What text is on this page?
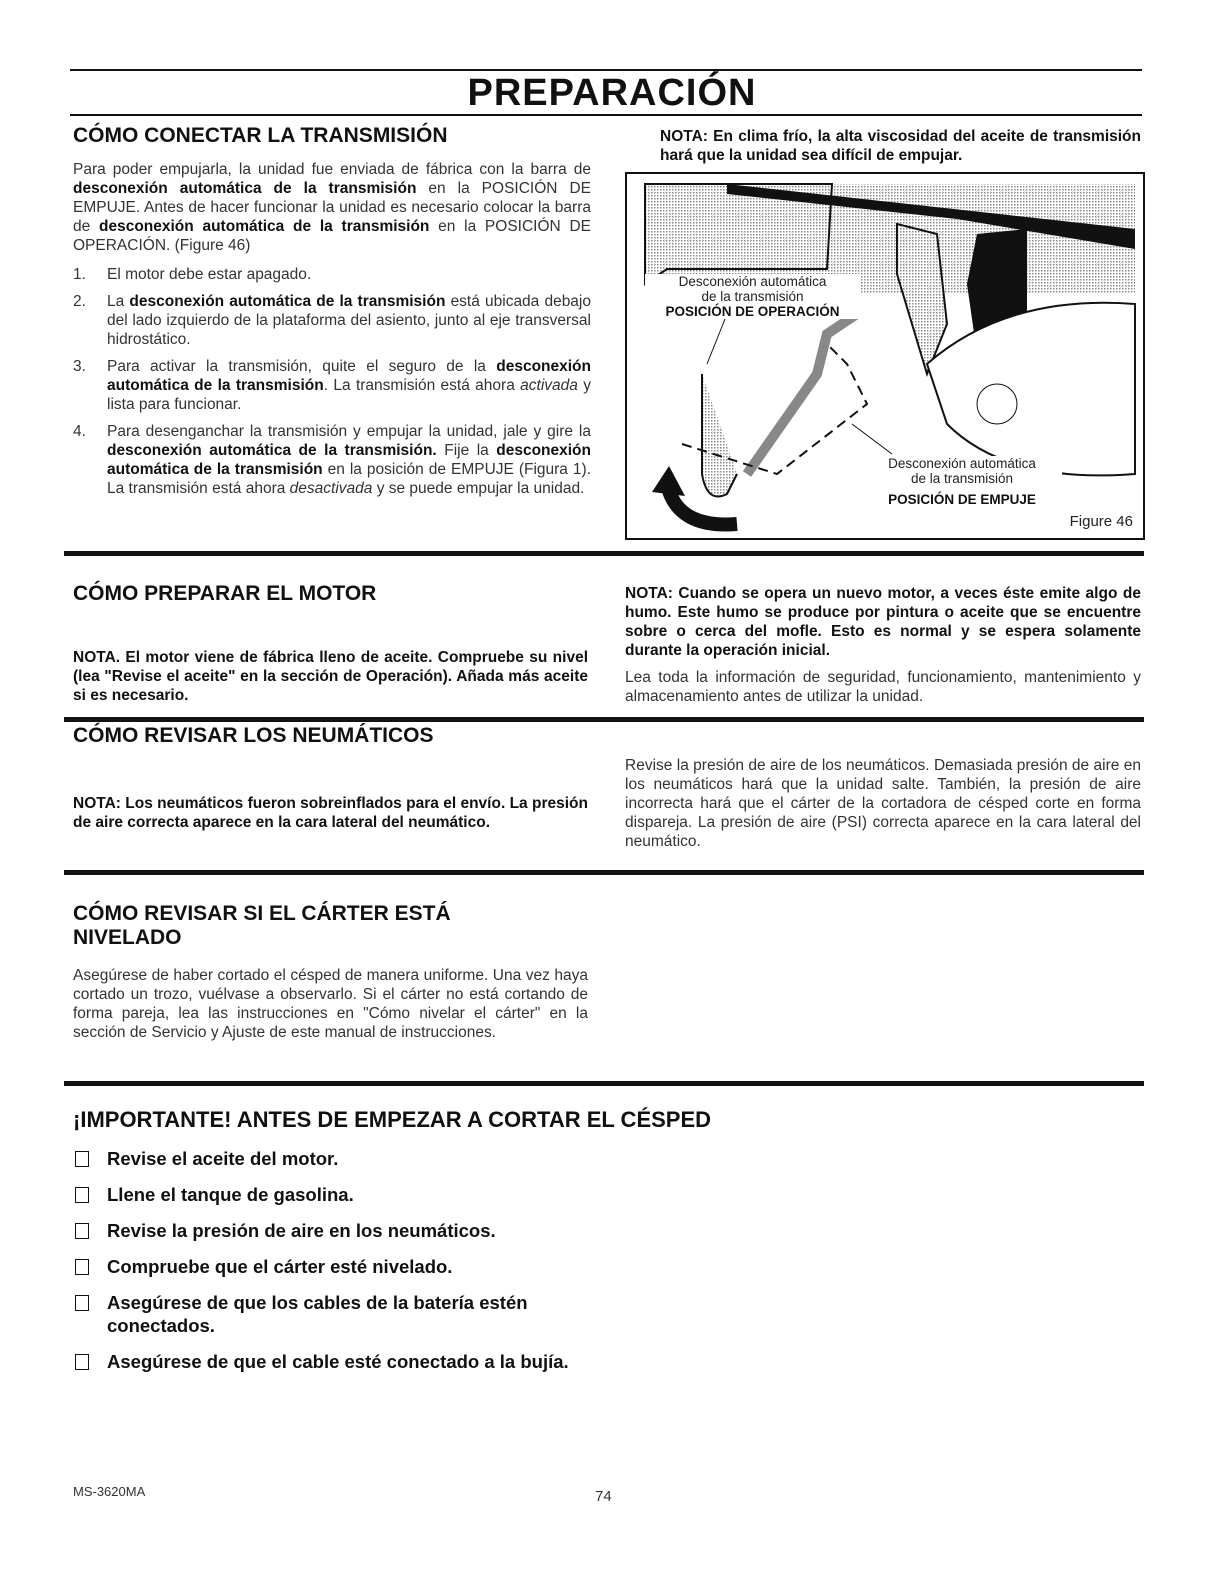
PREPARACIÓN
CÓMO CONECTAR LA TRANSMISIÓN

Para poder empujarla, la unidad fue enviada de fábrica con la barra de desconexión automática de la transmisión en la POSICIÓN DE EMPUJE. Antes de hacer funcionar la unidad es necesario colocar la barra de desconexión automática de la transmisión en la POSICIÓN DE OPERACIÓN. (Figure 46)

1. El motor debe estar apagado.
2. La desconexión automática de la transmisión está ubicada debajo del lado izquierdo de la plataforma del asiento, junto al eje transversal hidrostático.
3. Para activar la transmisión, quite el seguro de la desconexión automática de la transmisión. La transmisión está ahora activada y lista para funcionar.
4. Para desenganchar la transmisión y empujar la unidad, jale y gire la desconexión automática de la transmisión. Fije la desconexión automática de la transmisión en la posición de EMPUJE (Figura 1). La transmisión está ahora desactivada y se puede empujar la unidad.

NOTA: En clima frío, la alta viscosidad del aceite de transmisión hará que la unidad sea difícil de empujar.

Desconexión automática
de la transmisión
POSICIÓN DE OPERACIÓN
Desconexión automática
de la transmisión
POSICIÓN DE EMPUJE
Figure 46
CÓMO PREPARAR EL MOTOR

NOTA. El motor viene de fábrica lleno de aceite. Compruebe su nivel (lea "Revise el aceite" en la sección de Operación). Añada más aceite si es necesario.

NOTA: Cuando se opera un nuevo motor, a veces éste emite algo de humo. Este humo se produce por pintura o aceite que se encuentre sobre o cerca del mofle. Esto es normal y se espera solamente durante la operación inicial.

Lea toda la información de seguridad, funcionamiento, mantenimiento y almacenamiento antes de utilizar la unidad.

CÓMO REVISAR LOS NEUMÁTICOS

NOTA: Los neumáticos fueron sobreinflados para el envío. La presión de aire correcta aparece en la cara lateral del neumático.

Revise la presión de aire de los neumáticos. Demasiada presión de aire en los neumáticos hará que la unidad salte. También, la presión de aire incorrecta hará que el cárter de la cortadora de césped corte en forma dispareja. La presión de aire (PSI) correcta aparece en la cara lateral del neumático.

CÓMO REVISAR SI EL CÁRTER ESTÁ NIVELADO

Asegúrese de haber cortado el césped de manera uniforme. Una vez haya cortado un trozo, vuélvase a observarlo. Si el cárter no está cortando de forma pareja, lea las instrucciones en "Cómo nivelar el cárter" en la sección de Servicio y Ajuste de este manual de instrucciones.

¡IMPORTANTE! ANTES DE EMPEZAR A CORTAR EL CÉSPED
Revise el aceite del motor.
Llene el tanque de gasolina.
Revise la presión de aire en los neumáticos.
Compruebe que el cárter esté nivelado.
Asegúrese de que los cables de la batería estén conectados.
Asegúrese de que el cable esté conectado a la bujía.
MS-3620MA	74
